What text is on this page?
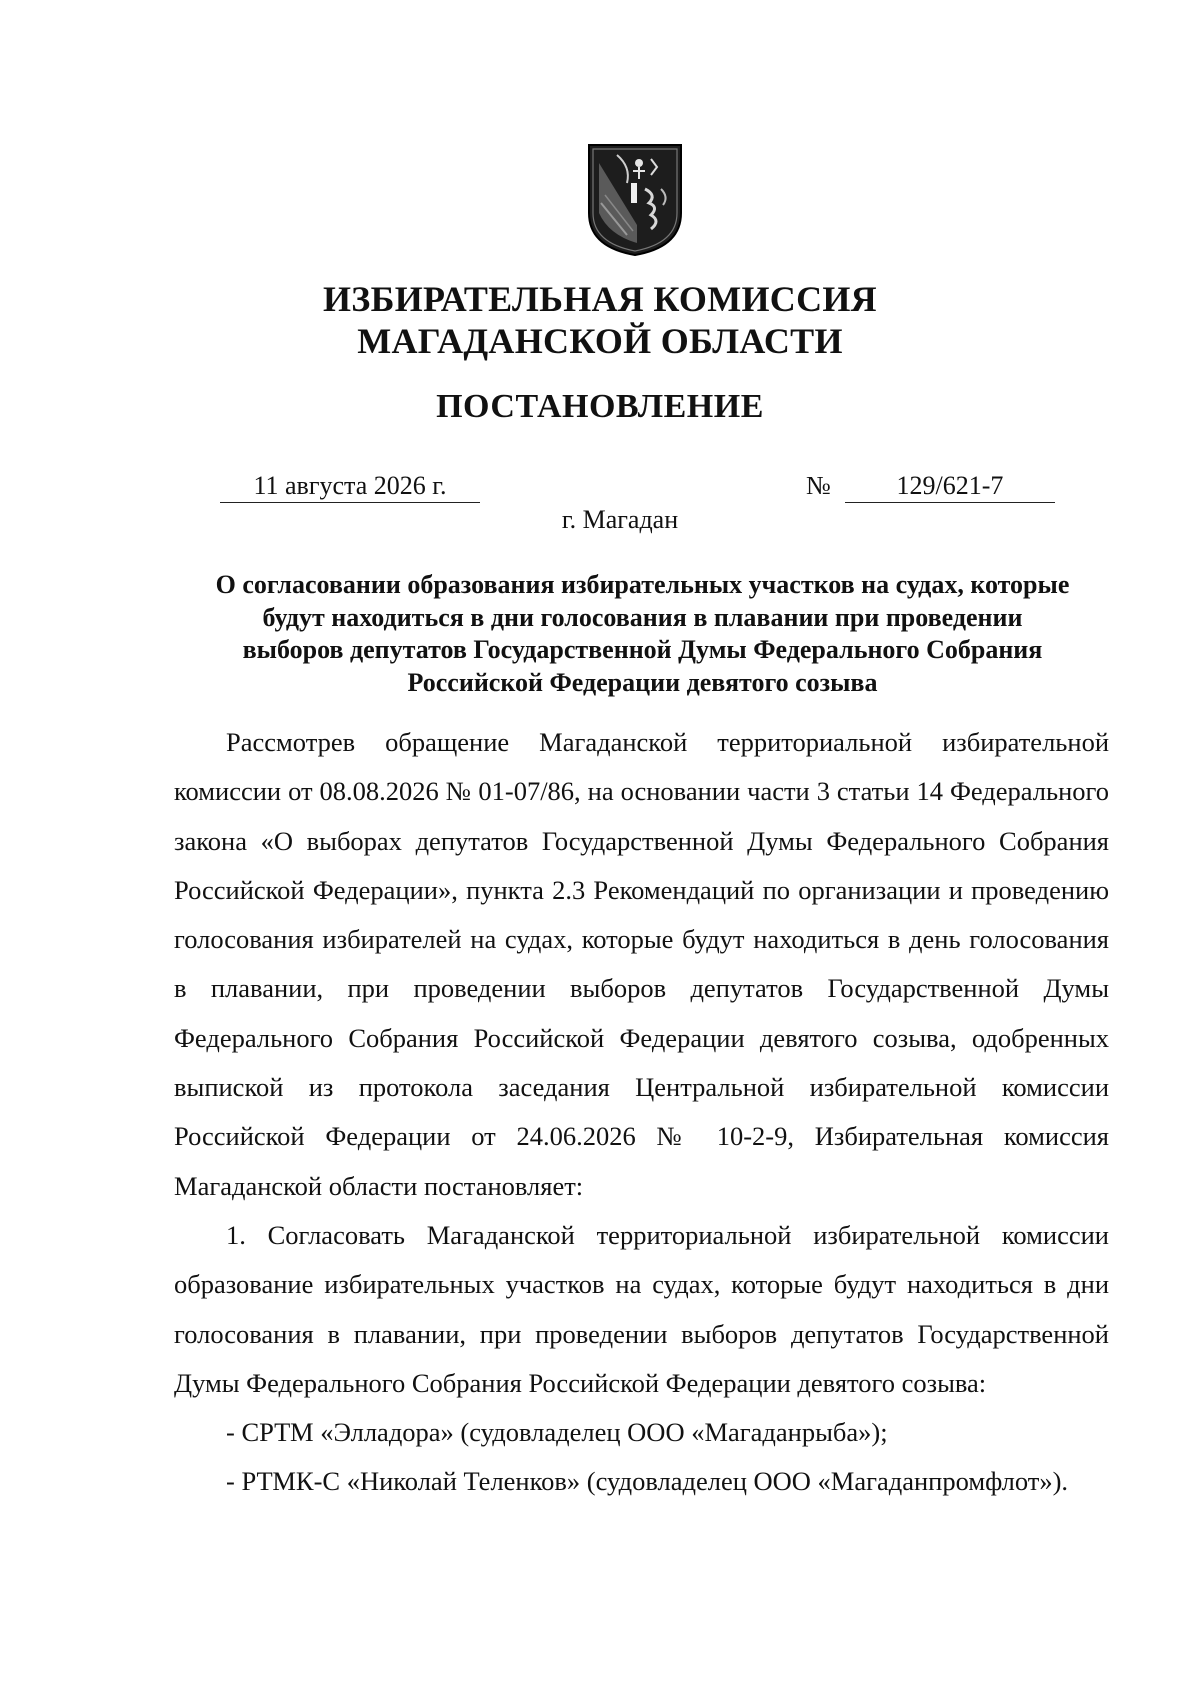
ИЗБИРАТЕЛЬНАЯ КОМИССИЯ
МАГАДАНСКОЙ ОБЛАСТИ
ПОСТАНОВЛЕНИЕ
11 августа 2026 г.	№	129/621-7
г. Магадан
О согласовании образования избирательных участков на судах, которые
будут находиться в дни голосования в плавании при проведении
выборов депутатов Государственной Думы Федерального Собрания
Российской Федерации девятого созыва

Рассмотрев обращение Магаданской территориальной избирательной комиссии от 08.08.2026 № 01-07/86, на основании части 3 статьи 14 Федерального закона «О выборах депутатов Государственной Думы Федерального Собрания Российской Федерации», пункта 2.3 Рекомендаций по организации и проведению голосования избирателей на судах, которые будут находиться в день голосования в плавании, при проведении выборов депутатов Государственной Думы Федерального Собрания Российской Федерации девятого созыва, одобренных выпиской из протокола заседания Центральной избирательной комиссии Российской Федерации от 24.06.2026 № 10-2-9, Избирательная комиссия Магаданской области постановляет:

1. Согласовать Магаданской территориальной избирательной комиссии образование избирательных участков на судах, которые будут находиться в дни голосования в плавании, при проведении выборов депутатов Государственной Думы Федерального Собрания Российской Федерации девятого созыва:

- СРТМ «Элладора» (судовладелец ООО «Магаданрыба»);

- РТМК-С «Николай Теленков» (судовладелец ООО «Магаданпромфлот»).
